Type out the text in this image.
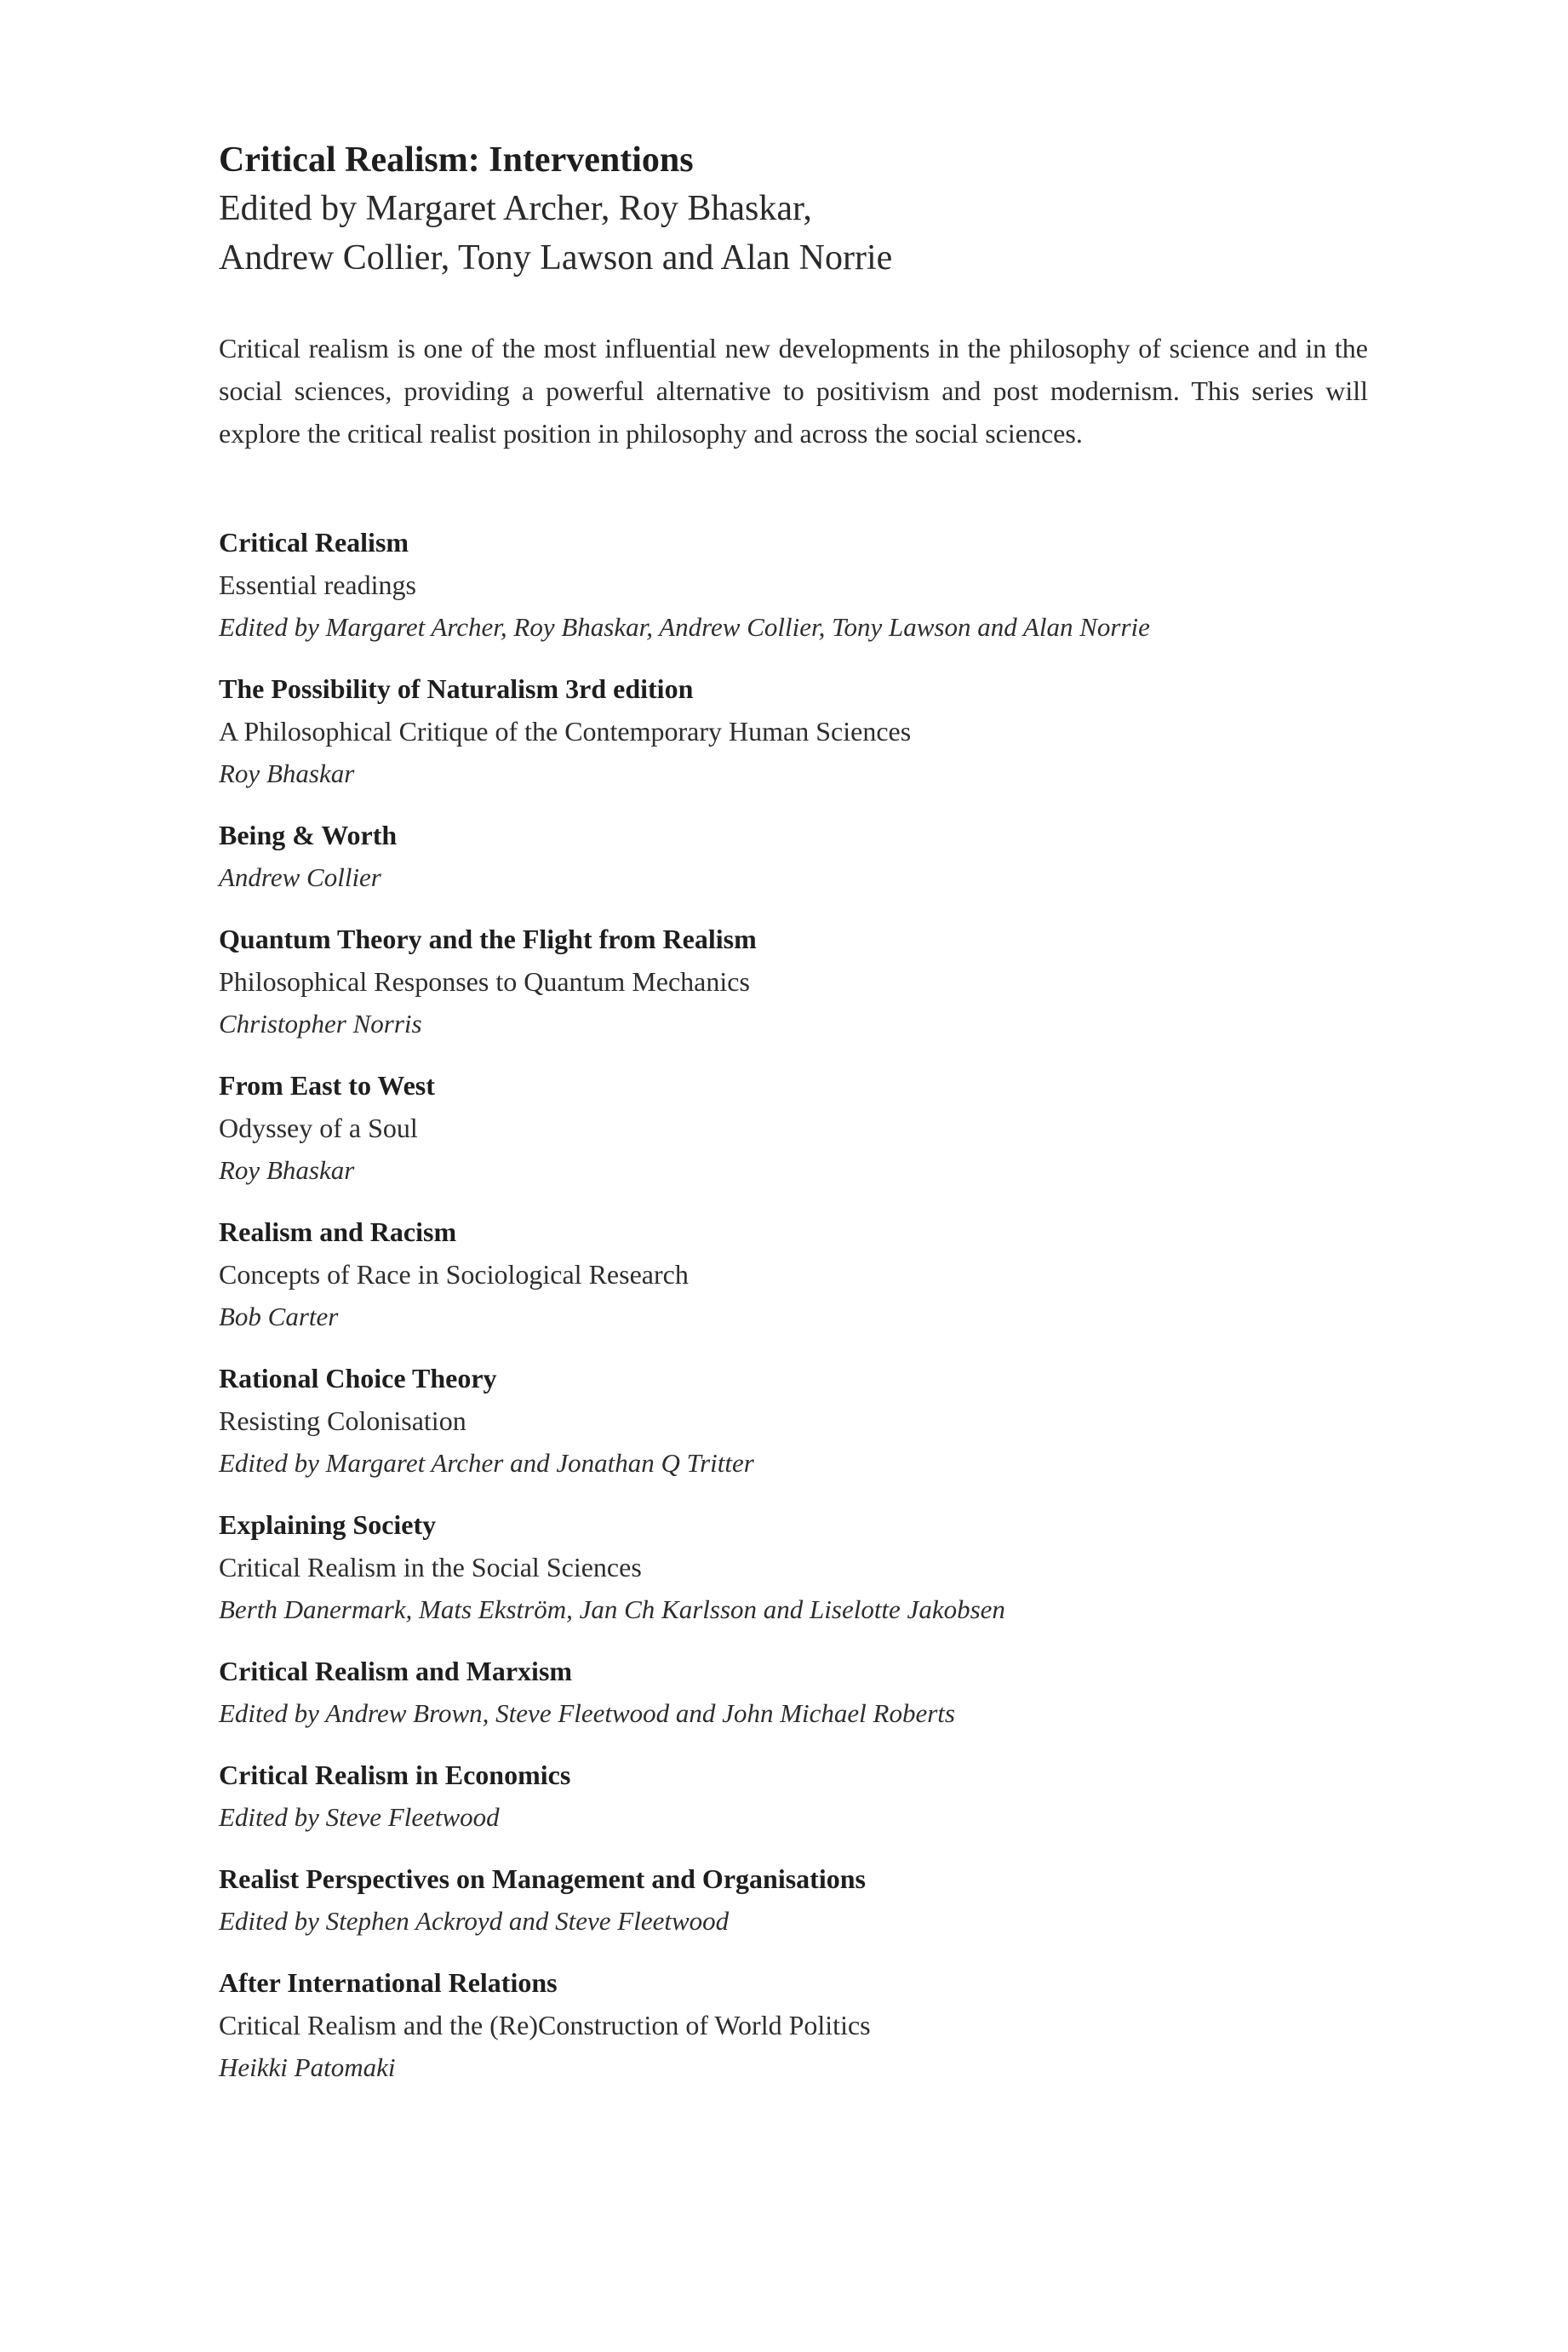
Critical Realism: Interventions
Edited by Margaret Archer, Roy Bhaskar,
Andrew Collier, Tony Lawson and Alan Norrie

Critical realism is one of the most influential new developments in the philosophy of science and in the social sciences, providing a powerful alternative to positivism and post modernism. This series will explore the critical realist position in philosophy and across the social sciences.

Critical Realism
Essential readings
Edited by Margaret Archer, Roy Bhaskar, Andrew Collier, Tony Lawson and Alan Norrie
The Possibility of Naturalism 3rd edition
A Philosophical Critique of the Contemporary Human Sciences
Roy Bhaskar
Being & Worth
Andrew Collier
Quantum Theory and the Flight from Realism
Philosophical Responses to Quantum Mechanics
Christopher Norris
From East to West
Odyssey of a Soul
Roy Bhaskar
Realism and Racism
Concepts of Race in Sociological Research
Bob Carter
Rational Choice Theory
Resisting Colonisation
Edited by Margaret Archer and Jonathan Q Tritter
Explaining Society
Critical Realism in the Social Sciences
Berth Danermark, Mats Ekström, Jan Ch Karlsson and Liselotte Jakobsen
Critical Realism and Marxism
Edited by Andrew Brown, Steve Fleetwood and John Michael Roberts
Critical Realism in Economics
Edited by Steve Fleetwood
Realist Perspectives on Management and Organisations
Edited by Stephen Ackroyd and Steve Fleetwood
After International Relations
Critical Realism and the (Re)Construction of World Politics
Heikki Patomaki
